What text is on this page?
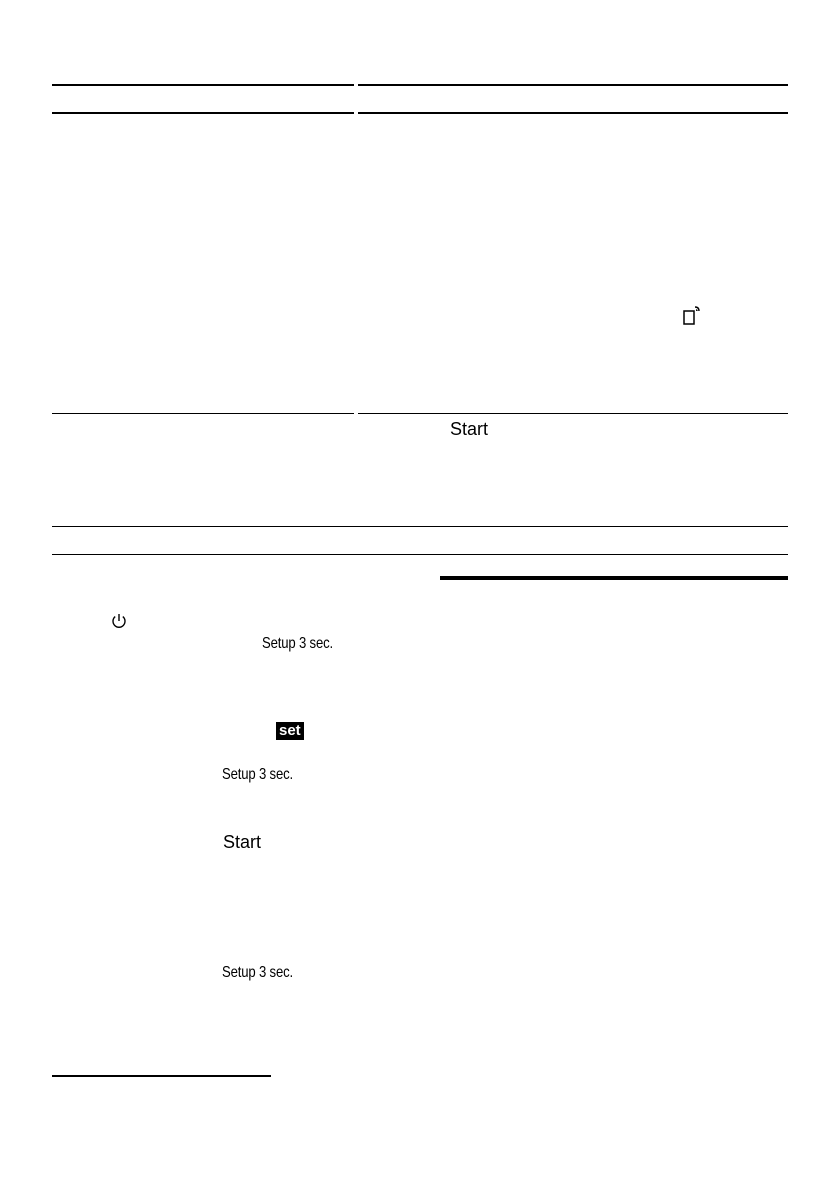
Start
Setup 3 sec.
set
Setup 3 sec.
Start
Setup 3 sec.
